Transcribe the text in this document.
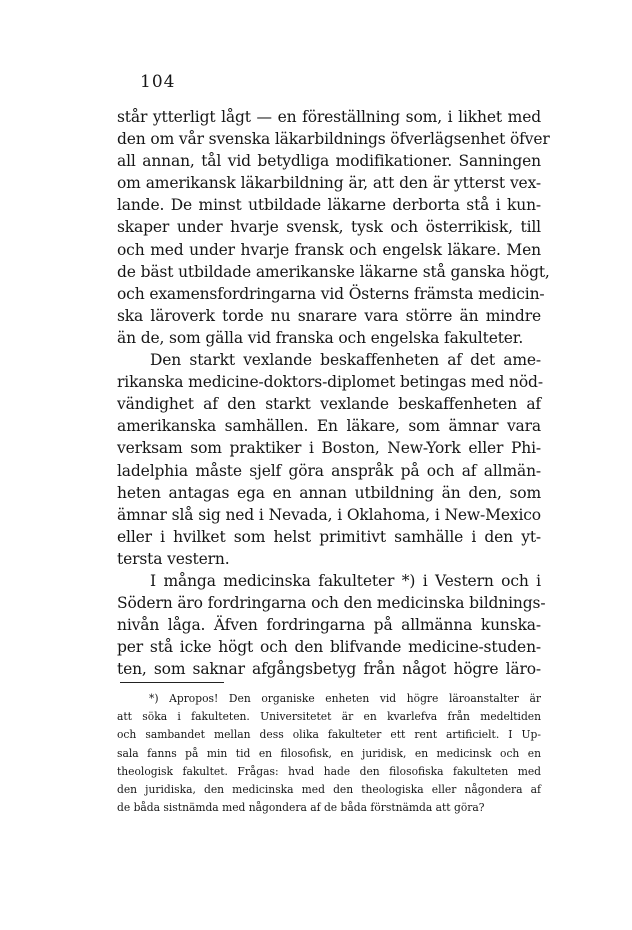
104
står ytterligt lågt — en föreställning som, i likhet med
den om vår svenska läkarbildnings öfverlägsenhet öfver
all annan, tål vid betydliga modifikationer. Sanningen
om amerikansk läkarbildning är, att den är ytterst vex-
lande. De minst utbildade läkarne derborta stå i kun-
skaper under hvarje svensk, tysk och österrikisk, till
och med under hvarje fransk och engelsk läkare. Men
de bäst utbildade amerikanske läkarne stå ganska högt,
och examensfordringarna vid Österns främsta medicin-
ska läroverk torde nu snarare vara större än mindre
än de, som gälla vid franska och engelska fakulteter.
Den starkt vexlande beskaffenheten af det ame-
rikanska medicine-doktors-diplomet betingas med nöd-
vändighet af den starkt vexlande beskaffenheten af
amerikanska samhällen. En läkare, som ämnar vara
verksam som praktiker i Boston, New-York eller Phi-
ladelphia måste sjelf göra anspråk på och af allmän-
heten antagas ega en annan utbildning än den, som
ämnar slå sig ned i Nevada, i Oklahoma, i New-Mexico
eller i hvilket som helst primitivt samhälle i den yt-
tersta vestern.
I många medicinska fakulteter *) i Vestern och i
Södern äro fordringarna och den medicinska bildnings-
nivån låga. Äfven fordringarna på allmänna kunska-
per stå icke högt och den blifvande medicine-studen-
ten, som saknar afgångsbetyg från något högre läro-
*) Apropos! Den organiske enheten vid högre läroanstalter är
att söka i fakulteten. Universitetet är en kvarlefva från medeltiden
och sambandet mellan dess olika fakulteter ett rent artificielt. I Up-
sala fanns på min tid en filosofisk, en juridisk, en medicinsk och en
theologisk fakultet. Frågas: hvad hade den filosofiska fakulteten med
den juridiska, den medicinska med den theologiska eller någondera af
de båda sistnämda med någondera af de båda förstnämda att göra?
